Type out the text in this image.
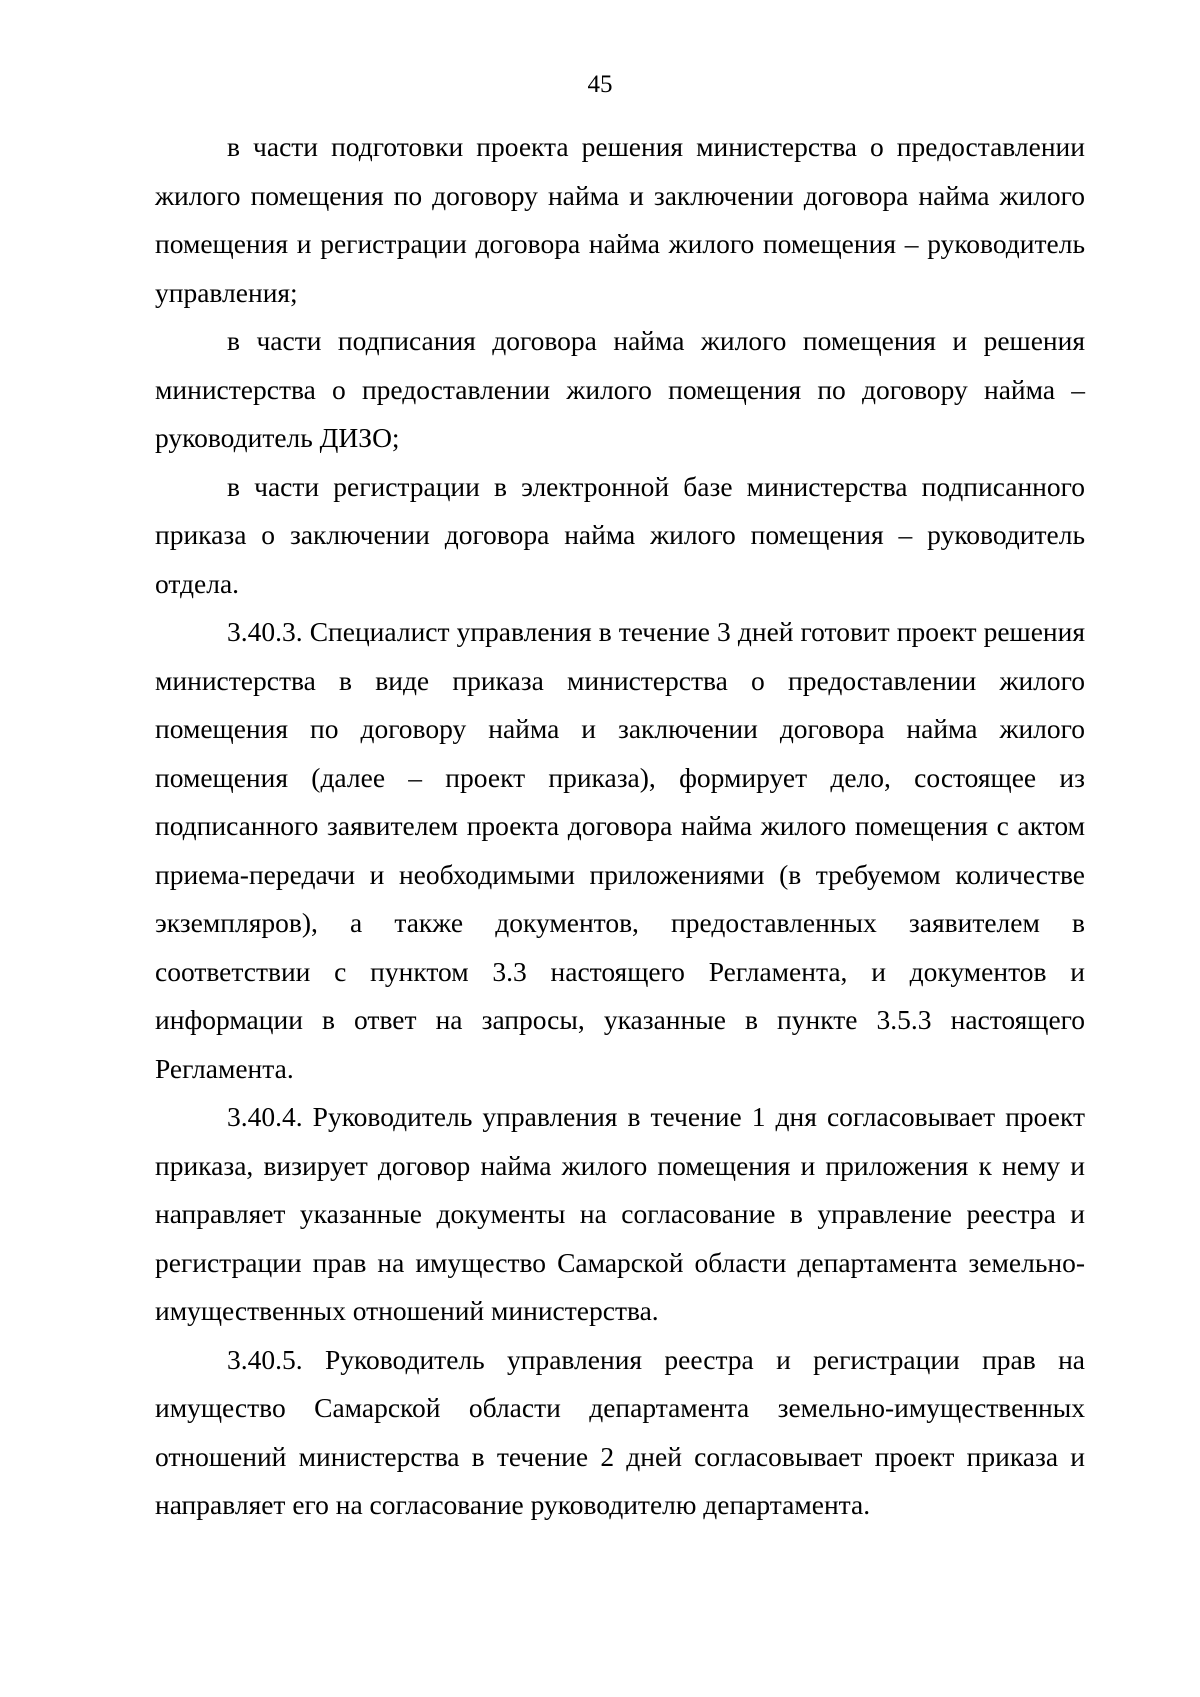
45

в части подготовки проекта решения министерства о предоставлении жилого помещения по договору найма и заключении договора найма жилого помещения и регистрации договора найма жилого помещения – руководитель управления;

в части подписания договора найма жилого помещения и решения министерства о предоставлении жилого помещения по договору найма – руководитель ДИЗО;

в части регистрации в электронной базе министерства подписанного приказа о заключении договора найма жилого помещения – руководитель отдела.

3.40.3. Специалист управления в течение 3 дней готовит проект решения министерства в виде приказа министерства о предоставлении жилого помещения по договору найма и заключении договора найма жилого помещения (далее – проект приказа), формирует дело, состоящее из подписанного заявителем проекта договора найма жилого помещения с актом приема-передачи и необходимыми приложениями (в требуемом количестве экземпляров), а также документов, предоставленных заявителем в соответствии с пунктом 3.3 настоящего Регламента, и документов и информации в ответ на запросы, указанные в пункте 3.5.3 настоящего Регламента.

3.40.4. Руководитель управления в течение 1 дня согласовывает проект приказа, визирует договор найма жилого помещения и приложения к нему и направляет указанные документы на согласование в управление реестра и регистрации прав на имущество Самарской области департамента земельно-имущественных отношений министерства.

3.40.5. Руководитель управления реестра и регистрации прав на имущество Самарской области департамента земельно-имущественных отношений министерства в течение 2 дней согласовывает проект приказа и направляет его на согласование руководителю департамента.
